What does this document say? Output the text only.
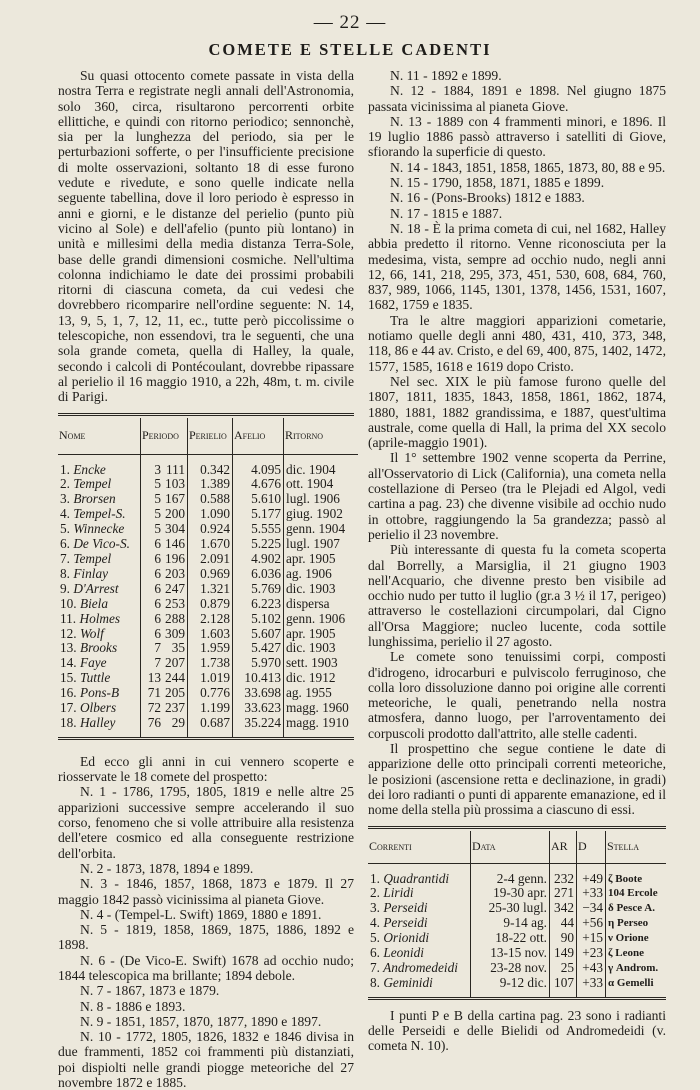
— 22 —
COMETE E STELLE CADENTI

Su quasi ottocento comete passate in vista della nostra Terra e registrate negli annali dell'Astronomia, solo 360, circa, risultarono percorrenti orbite ellittiche, e quindi con ritorno periodico; sennonchè, sia per la lunghezza del periodo, sia per le perturbazioni sofferte, o per l'insufficiente precisione di molte osservazioni, soltanto 18 di esse furono vedute e rivedute, e sono quelle indicate nella seguente tabellina, dove il loro periodo è espresso in anni e giorni, e le distanze del perielio (punto più vicino al Sole) e dell'afelio (punto più lontano) in unità e millesimi della media distanza Terra-Sole, base delle grandi dimensioni cosmiche. Nell'ultima colonna indichiamo le date dei prossimi probabili ritorni di ciascuna cometa, da cui vedesi che dovrebbero ricomparire nell'ordine seguente: N. 14, 13, 9, 5, 1, 7, 12, 11, ec., tutte però piccolissime o telescopiche, non essendovi, tra le seguenti, che una sola grande cometa, quella di Halley, la quale, secondo i calcoli di Pontécoulant, dovrebbe ripassare al perielio il 16 maggio 1910, a 22h, 48m, t. m. civile di Parigi.

Nome	Periodo	Perielio	Afelio	Ritorno
1. Encke	3 111	0.342	4.095	dic. 1904
2. Tempel	5 103	1.389	4.676	ott. 1904
3. Brorsen	5 167	0.588	5.610	lugl. 1906
4. Tempel-S.	5 200	1.090	5.177	giug. 1902
5. Winnecke	5 304	0.924	5.555	genn. 1904
6. De Vico-S.	6 146	1.670	5.225	lugl. 1907
7. Tempel	6 196	2.091	4.902	apr. 1905
8. Finlay	6 203	0.969	6.036	ag. 1906
9. D'Arrest	6 247	1.321	5.769	dic. 1903
10. Biela	6 253	0.879	6.223	dispersa
11. Holmes	6 288	2.128	5.102	genn. 1906
12. Wolf	6 309	1.603	5.607	apr. 1905
13. Brooks	7 35	1.959	5.427	dic. 1903
14. Faye	7 207	1.738	5.970	sett. 1903
15. Tuttle	13 244	1.019	10.413	dic. 1912
16. Pons-B	71 205	0.776	33.698	ag. 1955
17. Olbers	72 237	1.199	33.623	magg. 1960
18. Halley	76 29	0.687	35.224	magg. 1910

Ed ecco gli anni in cui vennero scoperte e riosservate le 18 comete del prospetto:

N. 1 - 1786, 1795, 1805, 1819 e nelle altre 25 apparizioni successive sempre accelerando il suo corso, fenomeno che si volle attribuire alla resistenza dell'etere cosmico ed alla conseguente restrizione dell'orbita.

N. 2 - 1873, 1878, 1894 e 1899.

N. 3 - 1846, 1857, 1868, 1873 e 1879. Il 27 maggio 1842 passò vicinissima al pianeta Giove.

N. 4 - (Tempel-L. Swift) 1869, 1880 e 1891.

N. 5 - 1819, 1858, 1869, 1875, 1886, 1892 e 1898.

N. 6 - (De Vico-E. Swift) 1678 ad occhio nudo; 1844 telescopica ma brillante; 1894 debole.

N. 7 - 1867, 1873 e 1879.

N. 8 - 1886 e 1893.

N. 9 - 1851, 1857, 1870, 1877, 1890 e 1897.

N. 10 - 1772, 1805, 1826, 1832 e 1846 divisa in due frammenti, 1852 coi frammenti più distanziati, poi dispiolti nelle grandi piogge meteoriche del 27 novembre 1872 e 1885.

N. 11 - 1892 e 1899.

N. 12 - 1884, 1891 e 1898. Nel giugno 1875 passata vicinissima al pianeta Giove.

N. 13 - 1889 con 4 frammenti minori, e 1896. Il 19 luglio 1886 passò attraverso i satelliti di Giove, sfiorando la superficie di questo.

N. 14 - 1843, 1851, 1858, 1865, 1873, 80, 88 e 95.

N. 15 - 1790, 1858, 1871, 1885 e 1899.

N. 16 - (Pons-Brooks) 1812 e 1883.

N. 17 - 1815 e 1887.

N. 18 - È la prima cometa di cui, nel 1682, Halley abbia predetto il ritorno. Venne riconosciuta per la medesima, vista, sempre ad occhio nudo, negli anni 12, 66, 141, 218, 295, 373, 451, 530, 608, 684, 760, 837, 989, 1066, 1145, 1301, 1378, 1456, 1531, 1607, 1682, 1759 e 1835.

Tra le altre maggiori apparizioni cometarie, notiamo quelle degli anni 480, 431, 410, 373, 348, 118, 86 e 44 av. Cristo, e del 69, 400, 875, 1402, 1472, 1577, 1585, 1618 e 1619 dopo Cristo.

Nel sec. XIX le più famose furono quelle del 1807, 1811, 1835, 1843, 1858, 1861, 1862, 1874, 1880, 1881, 1882 grandissima, e 1887, quest'ultima australe, come quella di Hall, la prima del XX secolo (aprile-maggio 1901).

Il 1° settembre 1902 venne scoperta da Perrine, all'Osservatorio di Lick (California), una cometa nella costellazione di Perseo (tra le Plejadi ed Algol, vedi cartina a pag. 23) che divenne visibile ad occhio nudo in ottobre, raggiungendo la 5a grandezza; passò al perielio il 23 novembre.

Più interessante di questa fu la cometa scoperta dal Borrelly, a Marsiglia, il 21 giugno 1903 nell'Acquario, che divenne presto ben visibile ad occhio nudo per tutto il luglio (gr.a 3 ½ il 17, perigeo) attraverso le costellazioni circumpolari, dal Cigno all'Orsa Maggiore; nucleo lucente, coda sottile lunghissima, perielio il 27 agosto.

Le comete sono tenuissimi corpi, composti d'idrogeno, idrocarburi e pulviscolo ferruginoso, che colla loro dissoluzione danno poi origine alle correnti meteoriche, le quali, penetrando nella nostra atmosfera, danno luogo, per l'arroventamento dei corpuscoli prodotto dall'attrito, alle stelle cadenti.

Il prospettino che segue contiene le date di apparizione delle otto principali correnti meteoriche, le posizioni (ascensione retta e declinazione, in gradi) dei loro radianti o punti di apparente emanazione, ed il nome della stella più prossima a ciascuno di essi.

Correnti	Data	AR	D	Stella
1. Quadrantidi	2-4 genn.	232	+49	ζ Boote
2. Liridi	19-30 apr.	271	+33	104 Ercole
3. Perseidi	25-30 lugl.	342	−34	δ Pesce A.
4. Perseidi	9-14 ag.	44	+56	η Perseo
5. Orionidi	18-22 ott.	90	+15	ν Orione
6. Leonidi	13-15 nov.	149	+23	ζ Leone
7. Andromedeidi	23-28 nov.	25	+43	γ Androm.
8. Geminidi	9-12 dic.	107	+33	α Gemelli

I punti P e B della cartina pag. 23 sono i radianti delle Perseidi e delle Bielidi od Andromedeidi (v. cometa N. 10).
